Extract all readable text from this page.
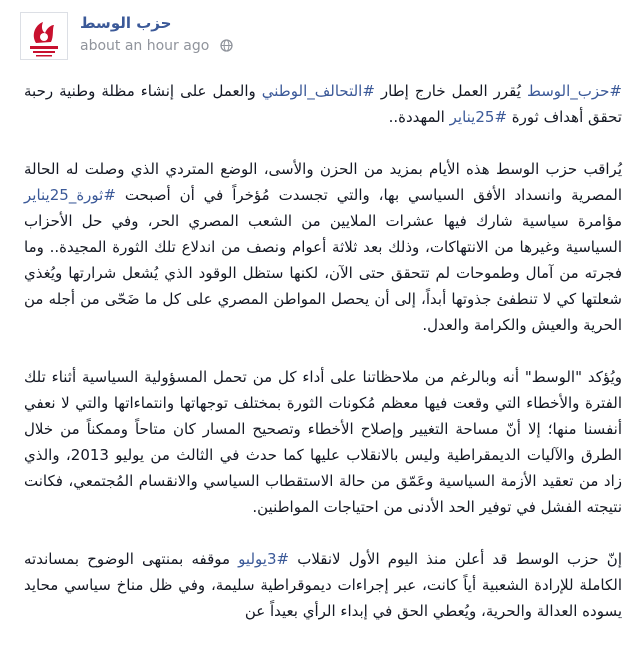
حزب الوسط
about an hour ago

#حزب_الوسط يُقرر العمل خارج إطار #التحالف_الوطني والعمل على إنشاء مظلة وطنية رحبة تحقق أهداف ثورة #25يناير المهددة..

يُراقب حزب الوسط هذه الأيام بمزيد من الحزن والأسى، الوضع المتردي الذي وصلت له الحالة المصرية وانسداد الأفق السياسي بها، والتي تجسدت مُؤخراً في أن أصبحت #ثورة_25يناير مؤامرة سياسية شارك فيها عشرات الملايين من الشعب المصري الحر، وفي حل الأحزاب السياسية وغيرها من الانتهاكات، وذلك بعد ثلاثة أعوام ونصف من اندلاع تلك الثورة المجيدة.. وما فجرته من آمال وطموحات لم تتحقق حتى الآن، لكنها ستظل الوقود الذي يُشعل شرارتها ويُغذي شعلتها كي لا تنطفئ جذوتها أبداً، إلى أن يحصل المواطن المصري على كل ما ضَحّى من أجله من الحرية والعيش والكرامة والعدل.

ويُؤكد "الوسط" أنه وبالرغم من ملاحظاتنا على أداء كل من تحمل المسؤولية السياسية أثناء تلك الفترة والأخطاء التي وقعت فيها معظم مُكونات الثورة بمختلف توجهاتها وانتماءاتها والتي لا نعفي أنفسنا منها؛ إلا أنّ مساحة التغيير وإصلاح الأخطاء وتصحيح المسار كان متاحاً وممكناً من خلال الطرق والآليات الديمقراطية وليس بالانقلاب عليها كما حدث في الثالث من يوليو 2013، والذي زاد من تعقيد الأزمة السياسية وعَمّق من حالة الاستقطاب السياسي والانقسام المُجتمعي، فكانت نتيجته الفشل في توفير الحد الأدنى من احتياجات المواطنين.

إنّ حزب الوسط قد أعلن منذ اليوم الأول لانقلاب #3يوليو موقفه بمنتهى الوضوح بمساندته الكاملة للإرادة الشعبية أياً كانت، عبر إجراءات ديموقراطية سليمة، وفي ظل مناخ سياسي محايد يسوده العدالة والحرية، ويُعطي الحق في إبداء الرأي بعيداً عن
